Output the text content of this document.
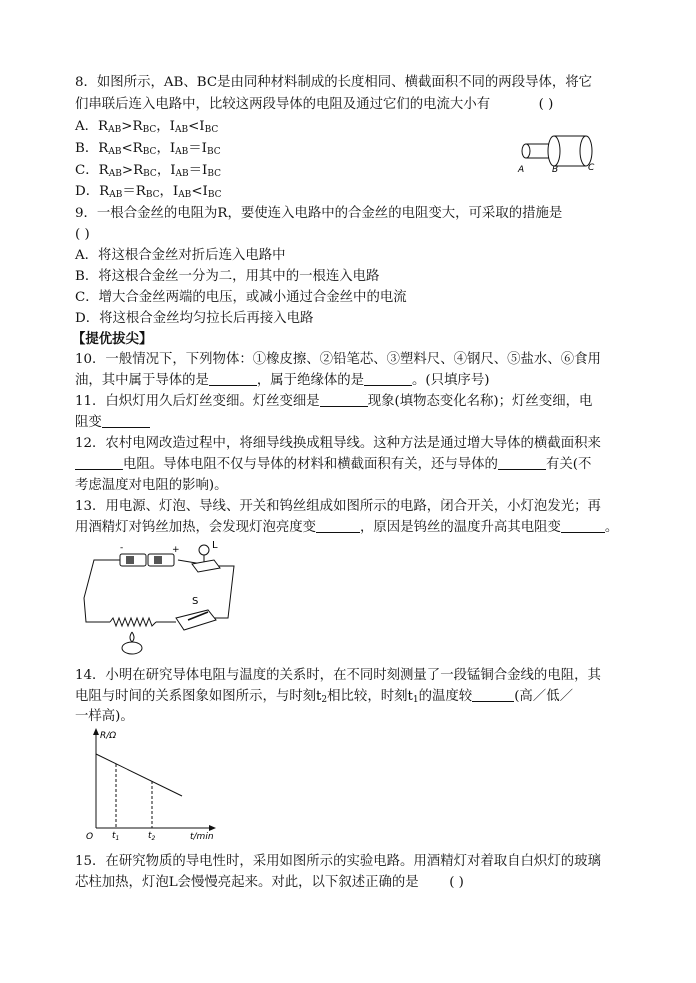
8．如图所示，AB、BC是由同种材料制成的长度相同、横截面积不同的两段导体，将它
们串联后连入电路中，比较这两段导体的电阻及通过它们的电流大小有	( )
A．$R_{AB}>R_{BC}$，$I_{AB}<I_{BC}$
B．$R_{AB}<R_{BC}$，$I_{AB}=I_{BC}$
C．$R_{AB}>R_{BC}$，$I_{AB}=I_{BC}$
D．$R_{AB}=R_{BC}$，$I_{AB}<I_{BC}$
A	B	C
9．一根合金丝的电阻为R，要使连入电路中的合金丝的电阻变大，可采取的措施是
( )
A．将这根合金丝对折后连入电路中
B．将这根合金丝一分为二，用其中的一根连入电路
C．增大合金丝两端的电压，或减小通过合金丝中的电流
D．将这根合金丝均匀拉长后再接入电路
【提优拔尖】
10．一般情况下，下列物体：①橡皮擦、②铅笔芯、③塑料尺、④钢尺、⑤盐水、⑥食用
油，其中属于导体的是	，属于绝缘体的是	。(只填序号)
11．白炽灯用久后灯丝变细。灯丝变细是	现象(填物态变化名称)；灯丝变细，电
阻变
12．农村电网改造过程中，将细导线换成粗导线。这种方法是通过增大导体的横截面积来
电阻。导体电阻不仅与导体的材料和横截面积有关，还与导体的	有关(不
考虑温度对电阻的影响)。
13．用电源、灯泡、导线、开关和钨丝组成如图所示的电路，闭合开关，小灯泡发光；再
用酒精灯对钨丝加热，会发现灯泡亮度变	，原因是钨丝的温度升高其电阻变	。
-	+	L
S
14．小明在研究导体电阻与温度的关系时，在不同时刻测量了一段锰铜合金线的电阻，其
电阻与时间的关系图象如图所示，与时刻$t_2$相比较，时刻$t_1$的温度较	(高／低／
一样高)。
R/Ω
t/min
O $t_1$	$t_2$
15．在研究物质的导电性时，采用如图所示的实验电路。用酒精灯对着取自白炽灯的玻璃
芯柱加热，灯泡L会慢慢亮起来。对此，以下叙述正确的是 ( )
